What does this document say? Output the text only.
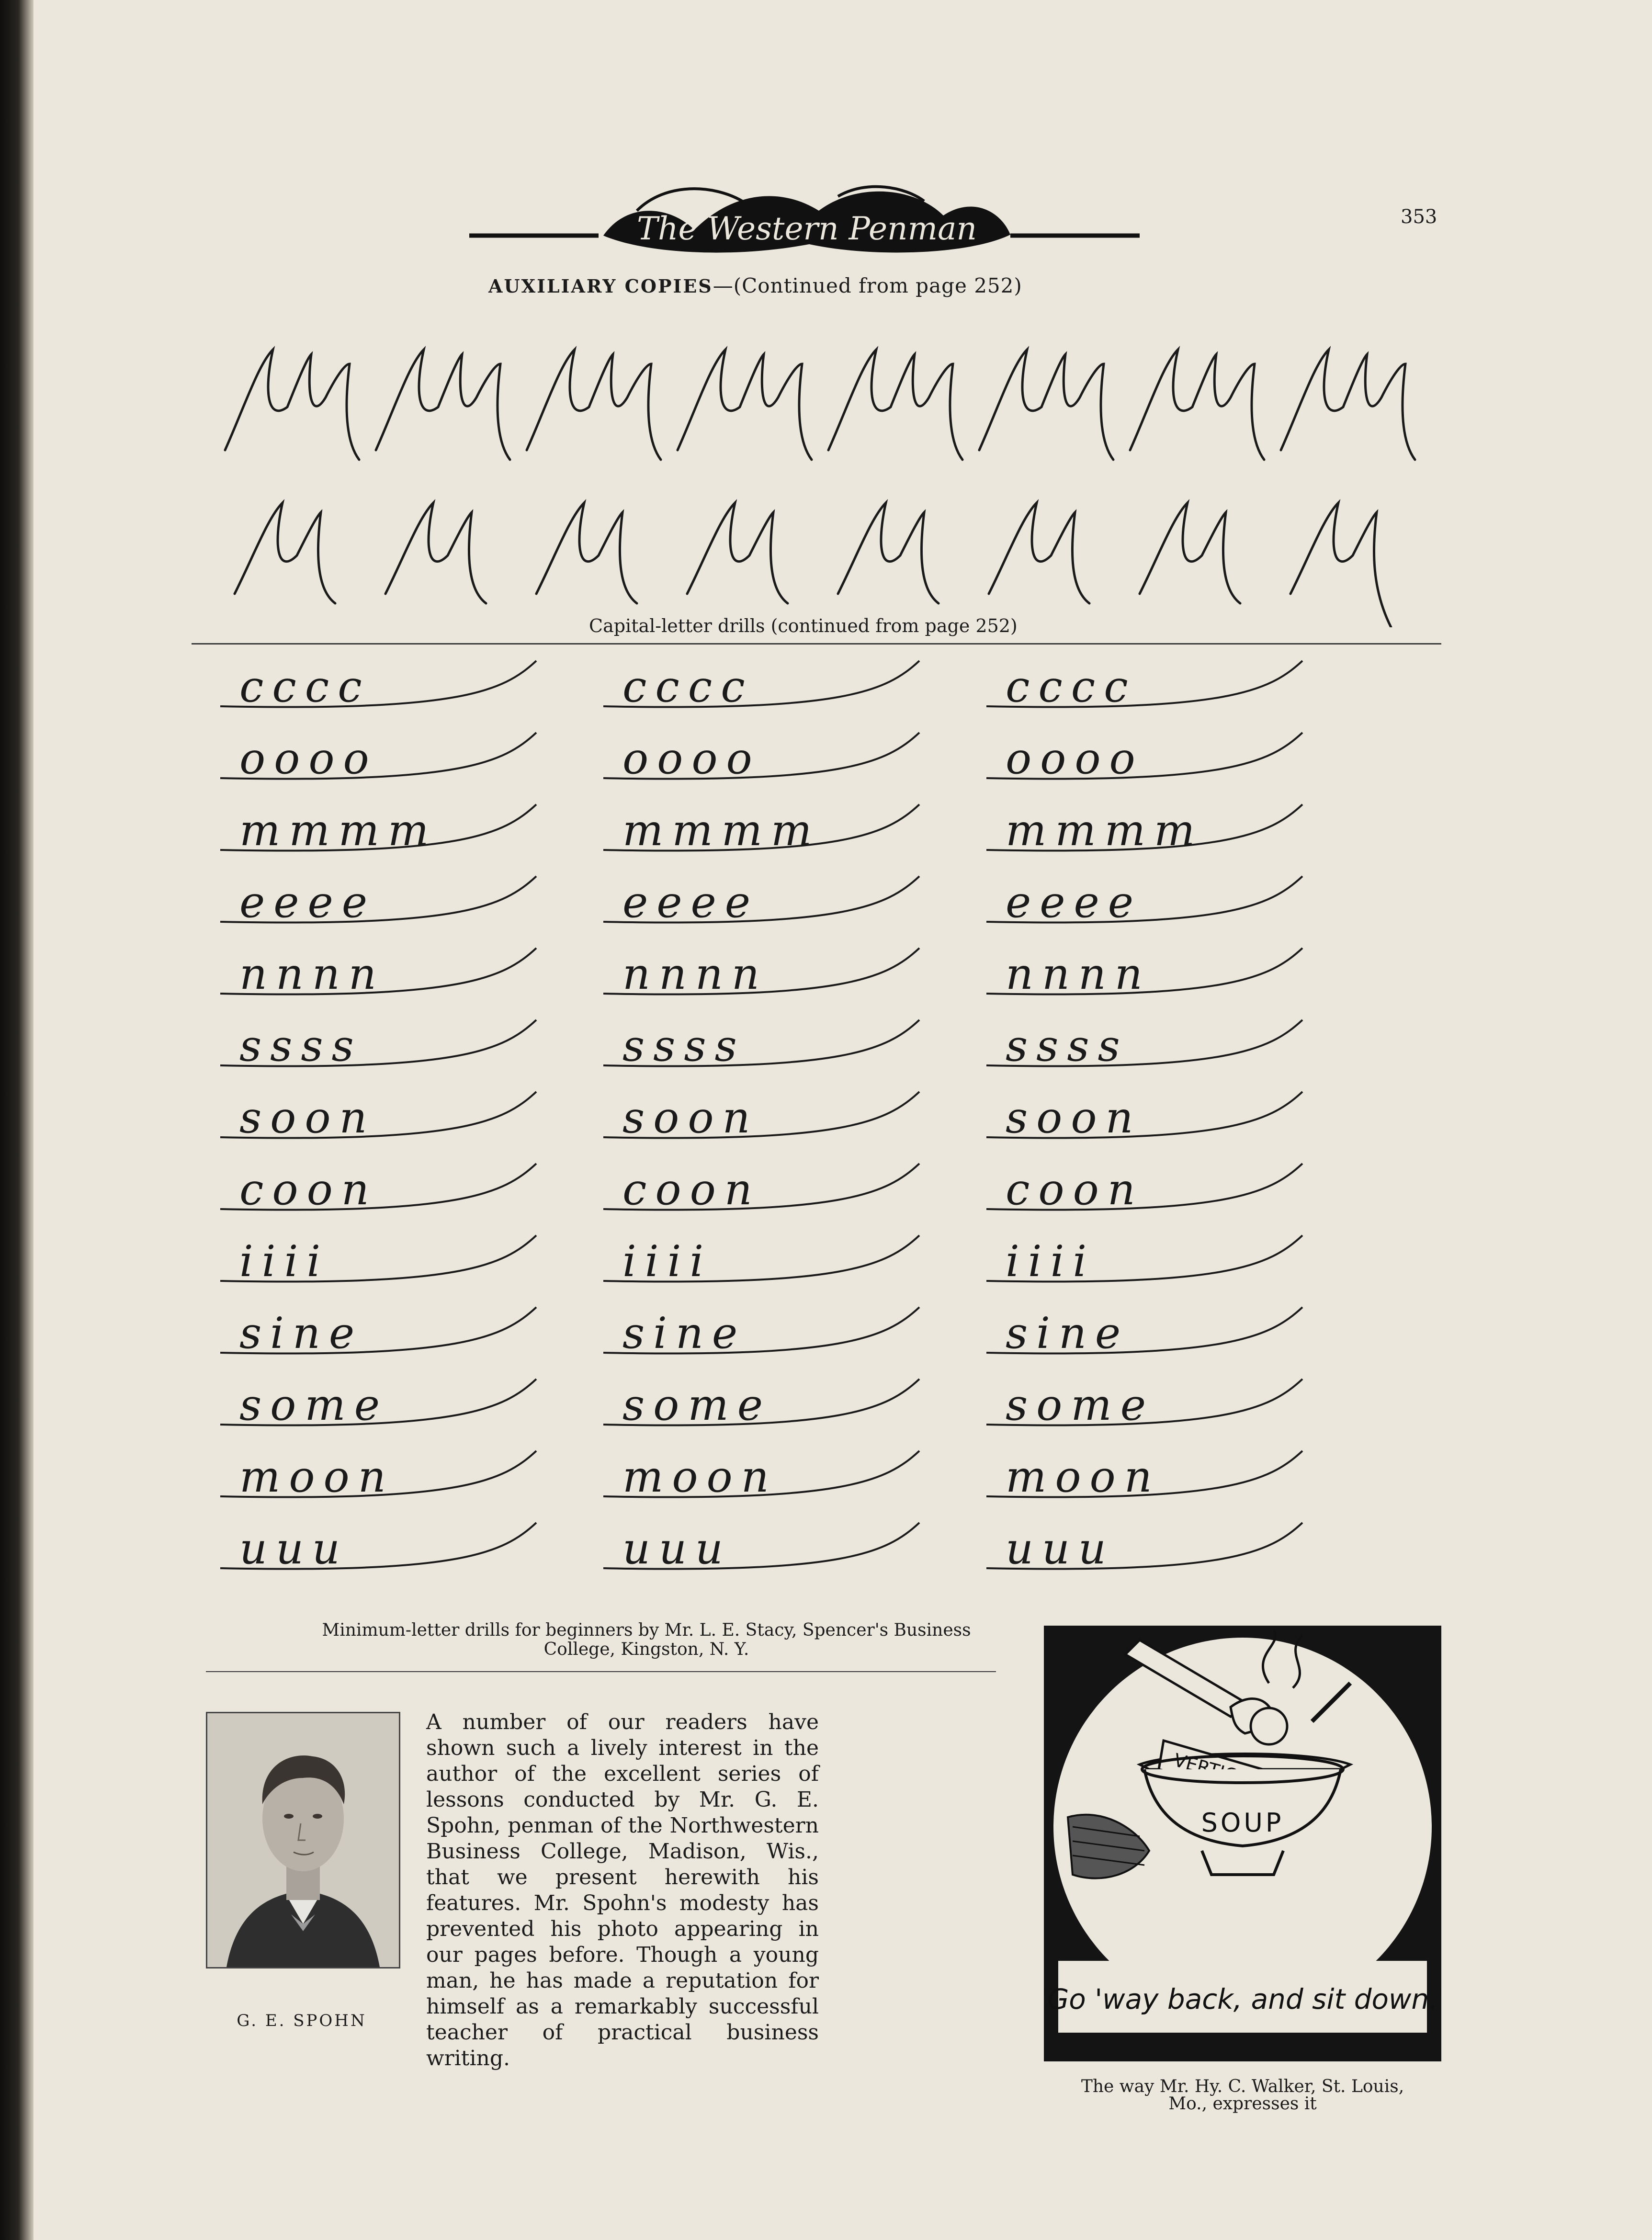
The Western Penman	353
AUXILIARY COPIES—(Continued from page 252)
Capital-letter drills (continued from page 252)
cccc	cccc	cccc
oooo	oooo	oooo
mmmm	mmmm	mmmm
eeee	eeee	eeee
nnnn	nnnn	nnnn
ssss	ssss	ssss
soon	soon	soon
coon	coon	coon
iiii	iiii	iiii
sine	sine	sine
some	some	some
moon	moon	moon
uuu	uuu	uuu
Minimum-letter drills for beginners by Mr. L. E. Stacy, Spencer's Business
College, Kingston, N. Y.
A number of our readers have shown such a lively interest in the author of the excellent series of lessons conducted by Mr. G. E. Spohn, penman of the Northwestern Business College, Madison, Wis., that we present herewith his features. Mr. Spohn's modesty has prevented his photo appearing in our pages before. Though a young man, he has made a reputation for himself as a remarkably successful teacher of practical business writing.
G. E. SPOHN
SOUP
"Go 'way back, and sit down."
The way Mr. Hy. C. Walker, St. Louis,
Mo., expresses it
